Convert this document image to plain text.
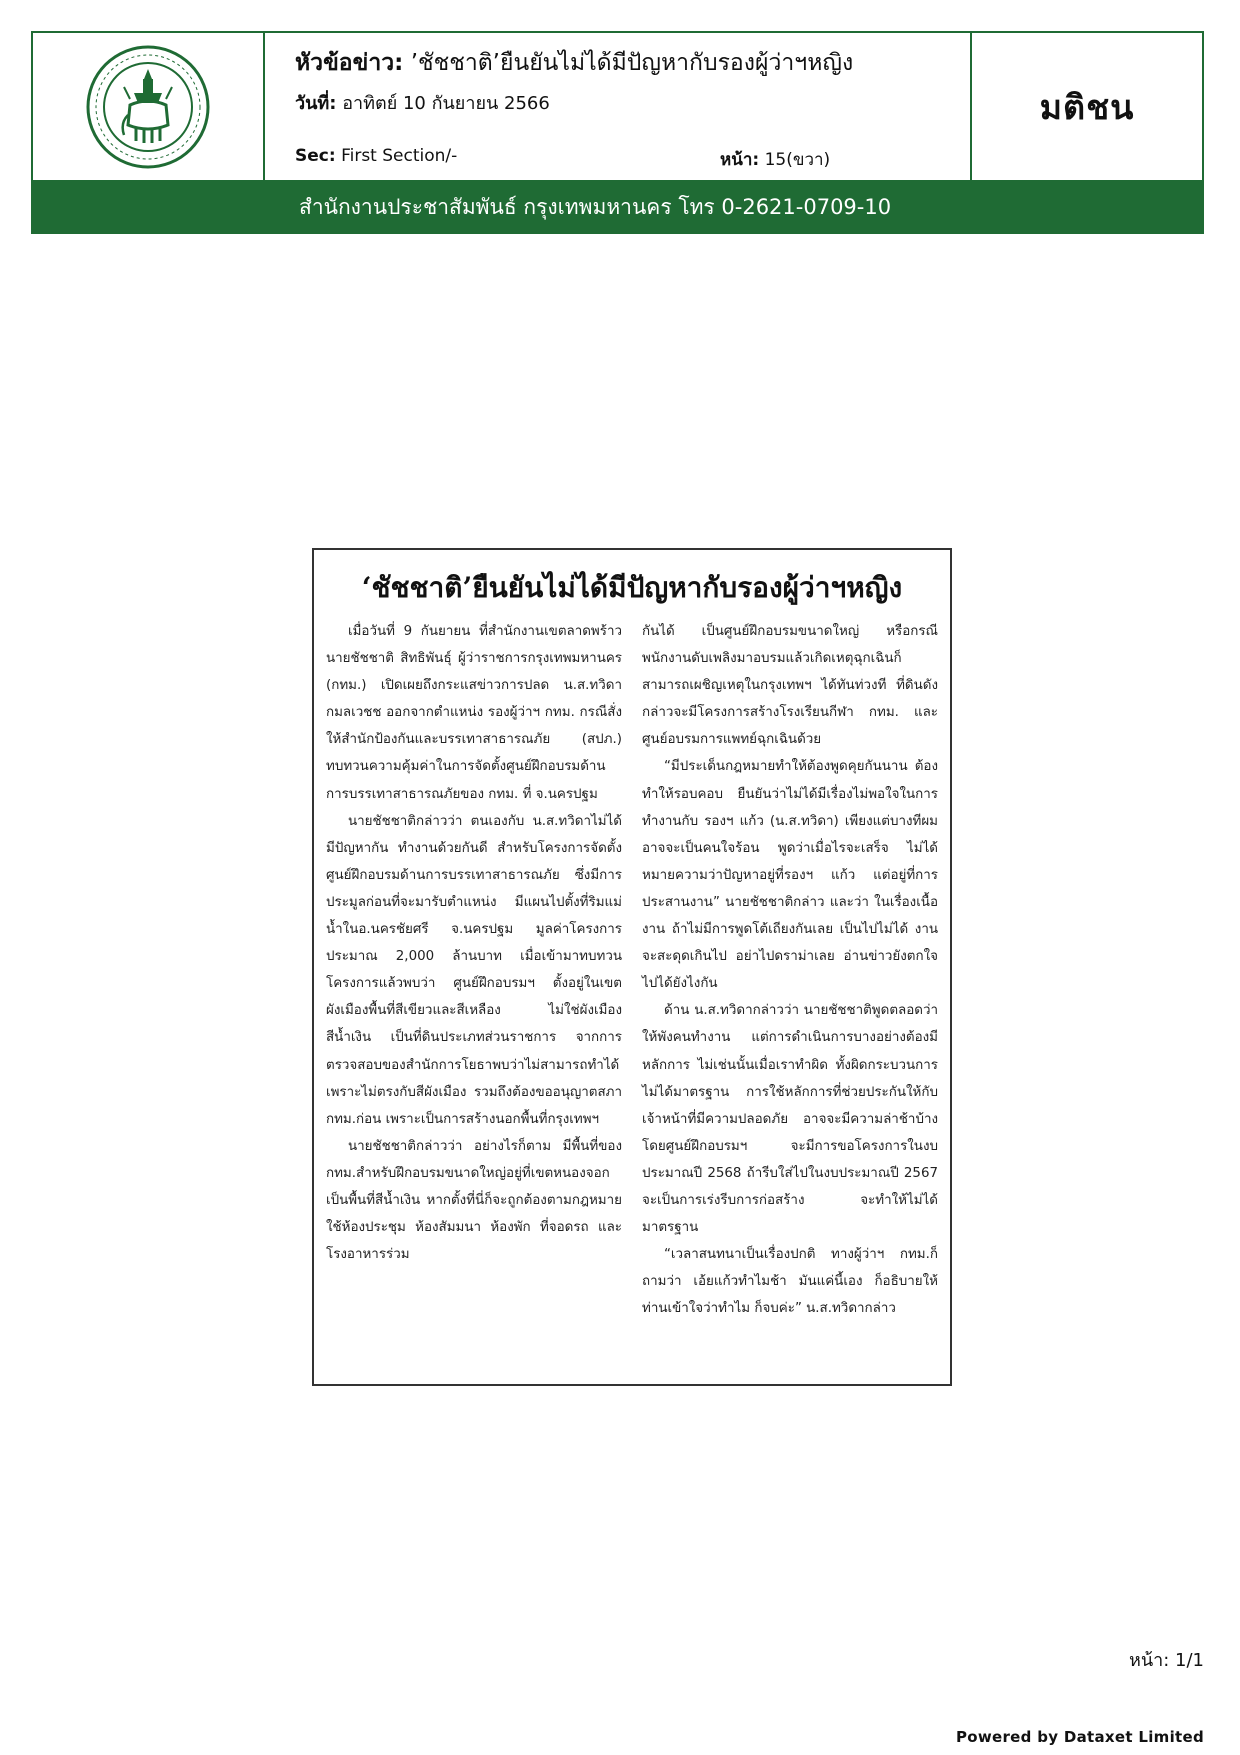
หัวข้อข่าว: ’ชัชชาติ’ยืนยันไม่ได้มีปัญหากับรองผู้ว่าฯหญิง
วันที่: อาทิตย์ 10 กันยายน 2566
Sec: First Section/-	หน้า: 15(ขวา)
มติชน
สำนักงานประชาสัมพันธ์ กรุงเทพมหานคร โทร 0-2621-0709-10
‘ชัชชาติ’ยืนยันไม่ได้มีปัญหากับรองผู้ว่าฯหญิง

เมื่อวันที่ 9 กันยายน ที่สำนักงานเขตลาดพร้าว นายชัชชาติ สิทธิพันธุ์ ผู้ว่าราชการกรุงเทพมหานคร (กทม.) เปิดเผยถึงกระแสข่าวการปลด น.ส.ทวิดา กมลเวชช ออกจากตำแหน่ง รองผู้ว่าฯ กทม. กรณีสั่งให้สำนักป้องกันและบรรเทาสาธารณภัย (สปภ.) ทบทวนความคุ้มค่าในการจัดตั้งศูนย์ฝึกอบรมด้านการบรรเทาสาธารณภัยของ กทม. ที่ จ.นครปฐม

นายชัชชาติกล่าวว่า ตนเองกับ น.ส.ทวิดาไม่ได้มีปัญหากัน ทำงานด้วยกันดี สำหรับโครงการจัดตั้งศูนย์ฝึกอบรมด้านการบรรเทาสาธารณภัย ซึ่งมีการประมูลก่อนที่จะมารับตำแหน่ง มีแผนไปตั้งที่ริมแม่น้ำในอ.นครชัยศรี จ.นครปฐม มูลค่าโครงการประมาณ 2,000 ล้านบาท เมื่อเข้ามาทบทวนโครงการแล้วพบว่า ศูนย์ฝึกอบรมฯ ตั้งอยู่ในเขตผังเมืองพื้นที่สีเขียวและสีเหลือง ไม่ใช่ผังเมืองสีน้ำเงิน เป็นที่ดินประเภทส่วนราชการ จากการตรวจสอบของสำนักการโยธาพบว่าไม่สามารถทำได้ เพราะไม่ตรงกับสีผังเมือง รวมถึงต้องขออนุญาตสภา กทม.ก่อน เพราะเป็นการสร้างนอกพื้นที่กรุงเทพฯ

นายชัชชาติกล่าวว่า อย่างไรก็ตาม มีพื้นที่ของ กทม.สำหรับฝึกอบรมขนาดใหญ่อยู่ที่เขตหนองจอกเป็นพื้นที่สีน้ำเงิน หากตั้งที่นี่ก็จะถูกต้องตามกฎหมาย ใช้ห้องประชุม ห้องสัมมนา ห้องพัก ที่จอดรถ และโรงอาหารร่วม

กันได้ เป็นศูนย์ฝึกอบรมขนาดใหญ่ หรือกรณีพนักงานดับเพลิงมาอบรมแล้วเกิดเหตุฉุกเฉินก็สามารถเผชิญเหตุในกรุงเทพฯ ได้ทันท่วงที ที่ดินดังกล่าวจะมีโครงการสร้างโรงเรียนกีฬา กทม. และศูนย์อบรมการแพทย์ฉุกเฉินด้วย

“มีประเด็นกฎหมายทำให้ต้องพูดคุยกันนาน ต้องทำให้รอบคอบ ยืนยันว่าไม่ได้มีเรื่องไม่พอใจในการทำงานกับ รองฯ แก้ว (น.ส.ทวิดา) เพียงแต่บางทีผมอาจจะเป็นคนใจร้อน พูดว่าเมื่อไรจะเสร็จ ไม่ได้หมายความว่าปัญหาอยู่ที่รองฯ แก้ว แต่อยู่ที่การประสานงาน” นายชัชชาติกล่าว และว่า ในเรื่องเนื้องาน ถ้าไม่มีการพูดโต้เถียงกันเลย เป็นไปไม่ได้ งานจะสะดุดเกินไป อย่าไปดราม่าเลย อ่านข่าวยังตกใจ ไปได้ยังไงกัน

ด้าน น.ส.ทวิดากล่าวว่า นายชัชชาติพูดตลอดว่าให้พังคนทำงาน แต่การดำเนินการบางอย่างต้องมีหลักการ ไม่เช่นนั้นเมื่อเราทำผิด ทั้งผิดกระบวนการ ไม่ได้มาตรฐาน การใช้หลักการที่ช่วยประกันให้กับเจ้าหน้าที่มีความปลอดภัย อาจจะมีความล่าช้าบ้าง โดยศูนย์ฝึกอบรมฯ จะมีการขอโครงการในงบประมาณปี 2568 ถ้ารีบใส่ไปในงบประมาณปี 2567 จะเป็นการเร่งรีบการก่อสร้าง จะทำให้ไม่ได้มาตรฐาน

“เวลาสนทนาเป็นเรื่องปกติ ทางผู้ว่าฯ กทม.ก็ถามว่า เอ้ยแก้วทำไมช้า มันแค่นี้เอง ก็อธิบายให้ท่านเข้าใจว่าทำไม ก็จบค่ะ” น.ส.ทวิดากล่าว

หน้า: 1/1
Powered by Dataxet Limited
